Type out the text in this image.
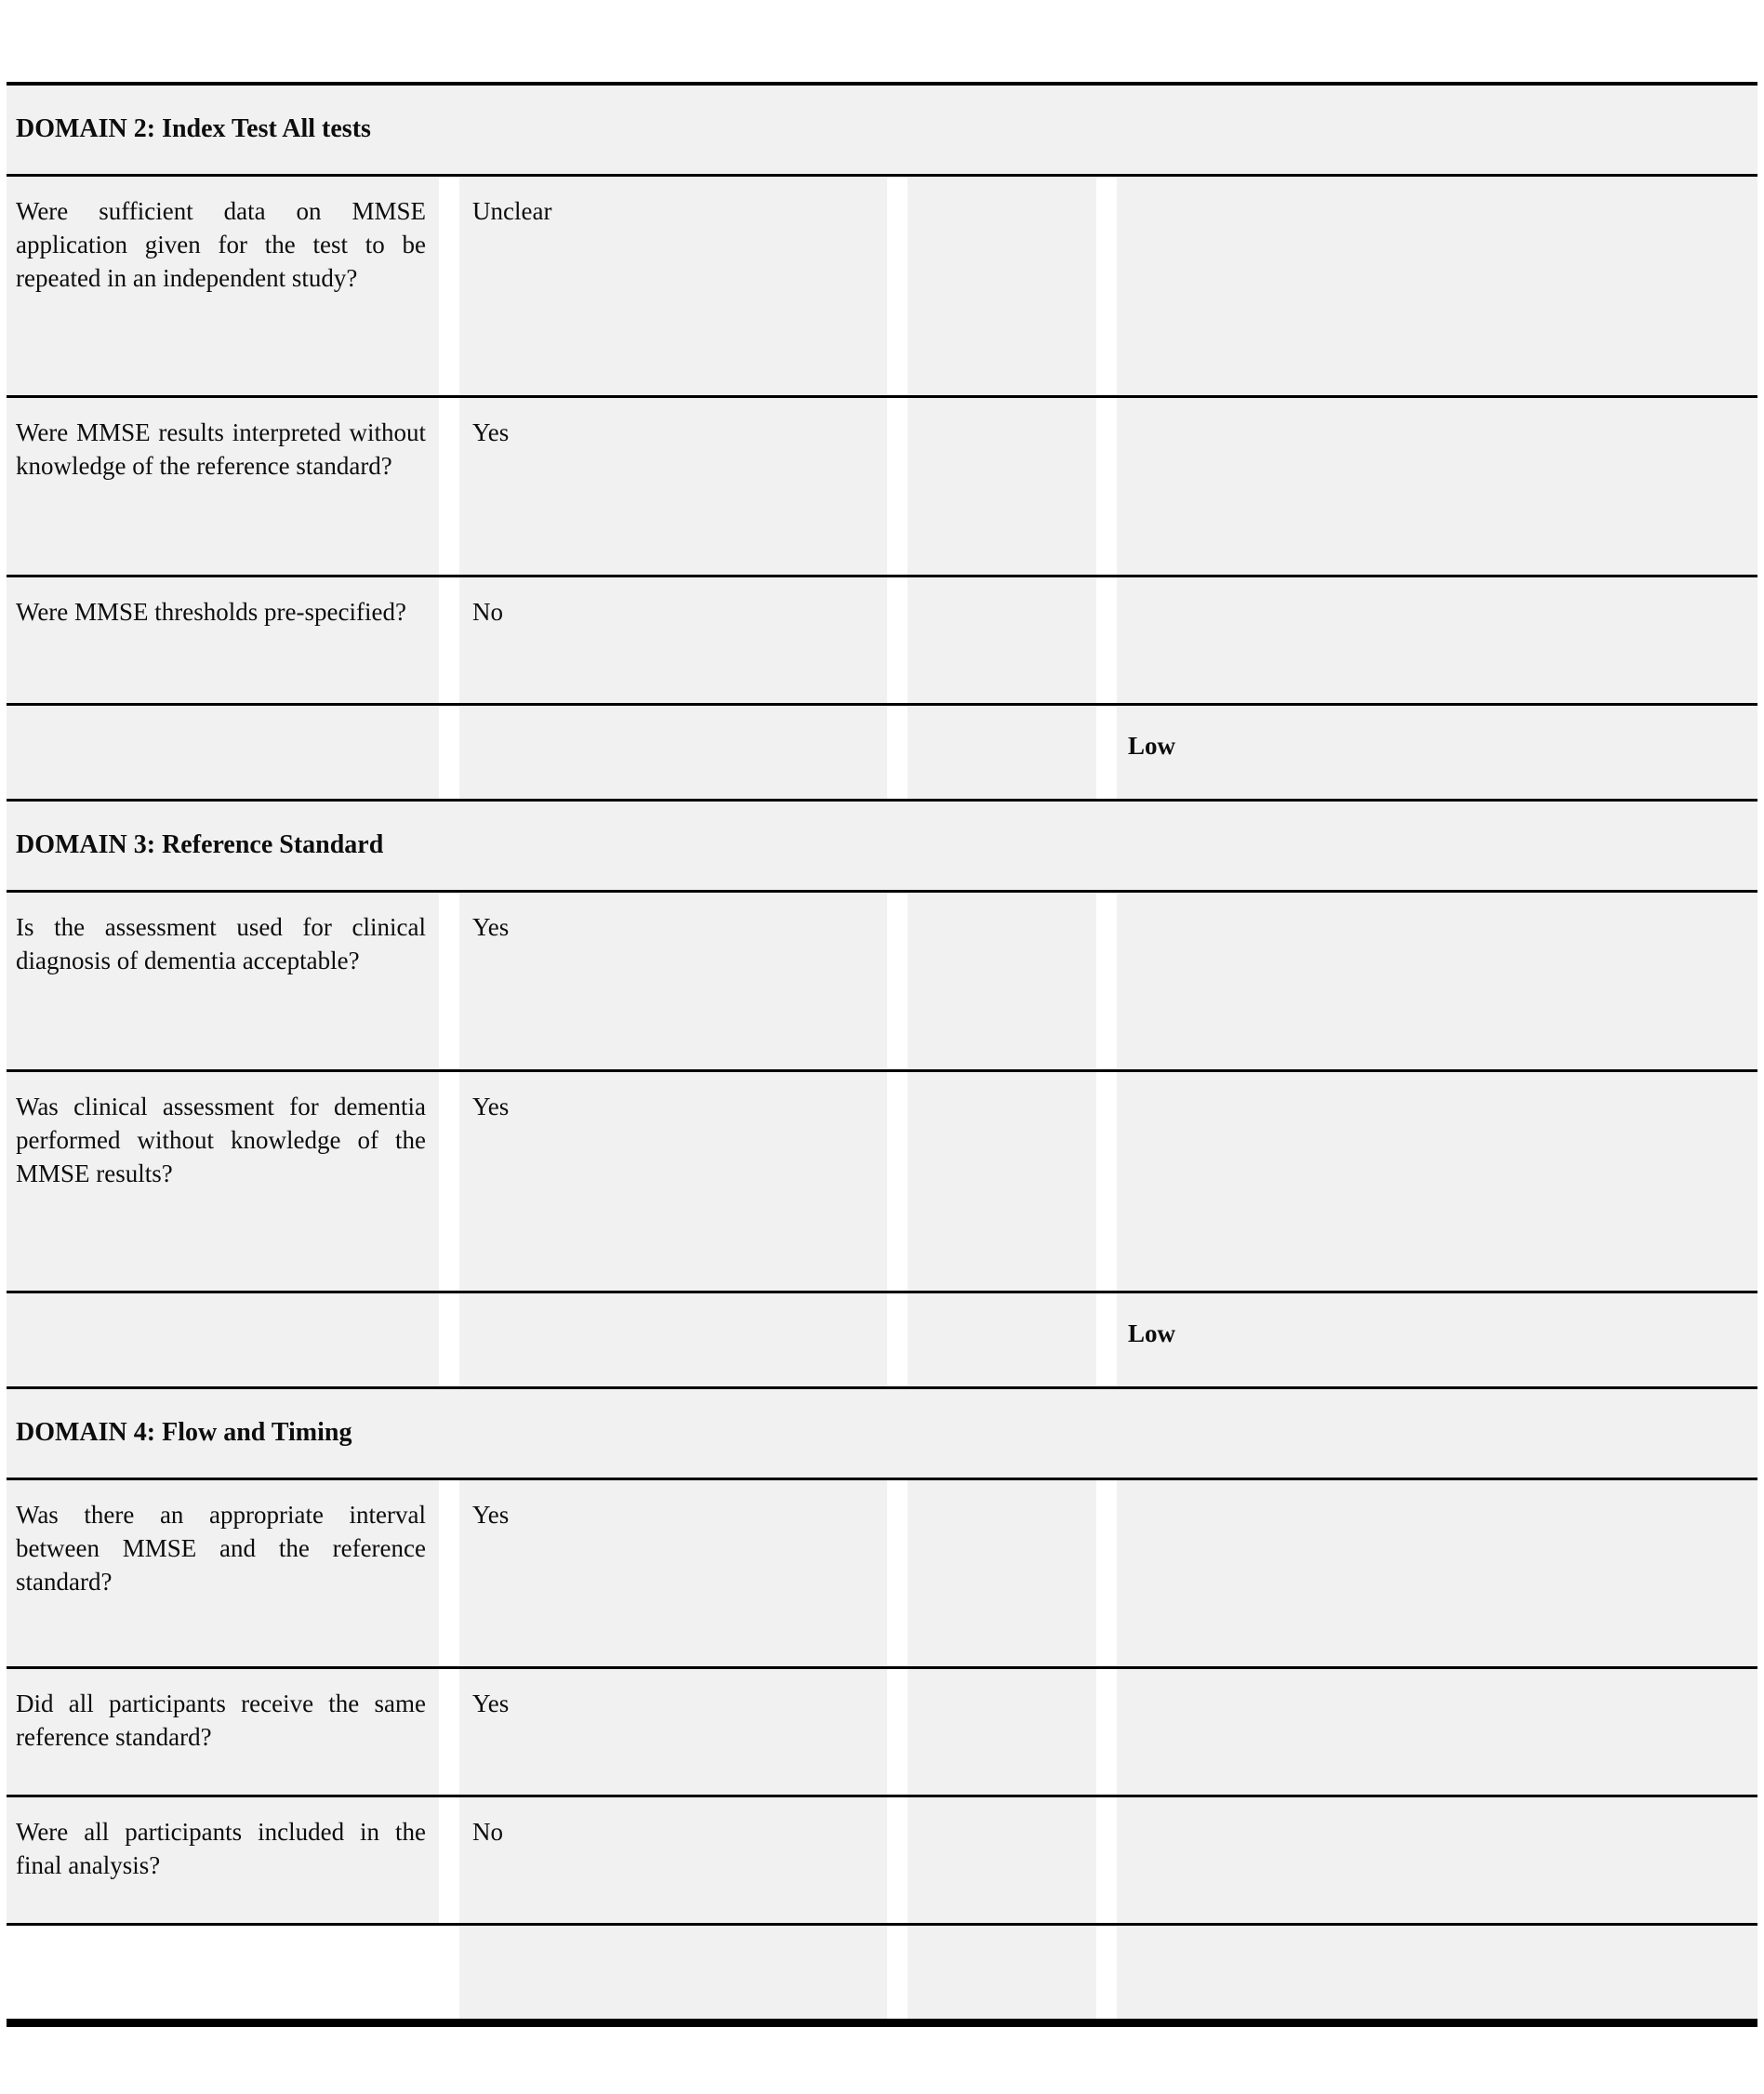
DOMAIN 2: Index Test All tests
Were sufficient data on MMSE application given for the test to be repeated in an independent study?
Unclear
Were MMSE results interpreted without knowledge of the reference standard?
Yes
Were MMSE thresholds pre-specified?	No
Low
DOMAIN 3: Reference Standard
Is the assessment used for clinical diagnosis of dementia acceptable?
Yes
Was clinical assessment for dementia performed without knowledge of the MMSE results?
Yes
Low
DOMAIN 4: Flow and Timing
Was there an appropriate interval between MMSE and the reference standard?
Yes
Did all participants receive the same reference standard?
Yes
Were all participants included in the final analysis?
No
